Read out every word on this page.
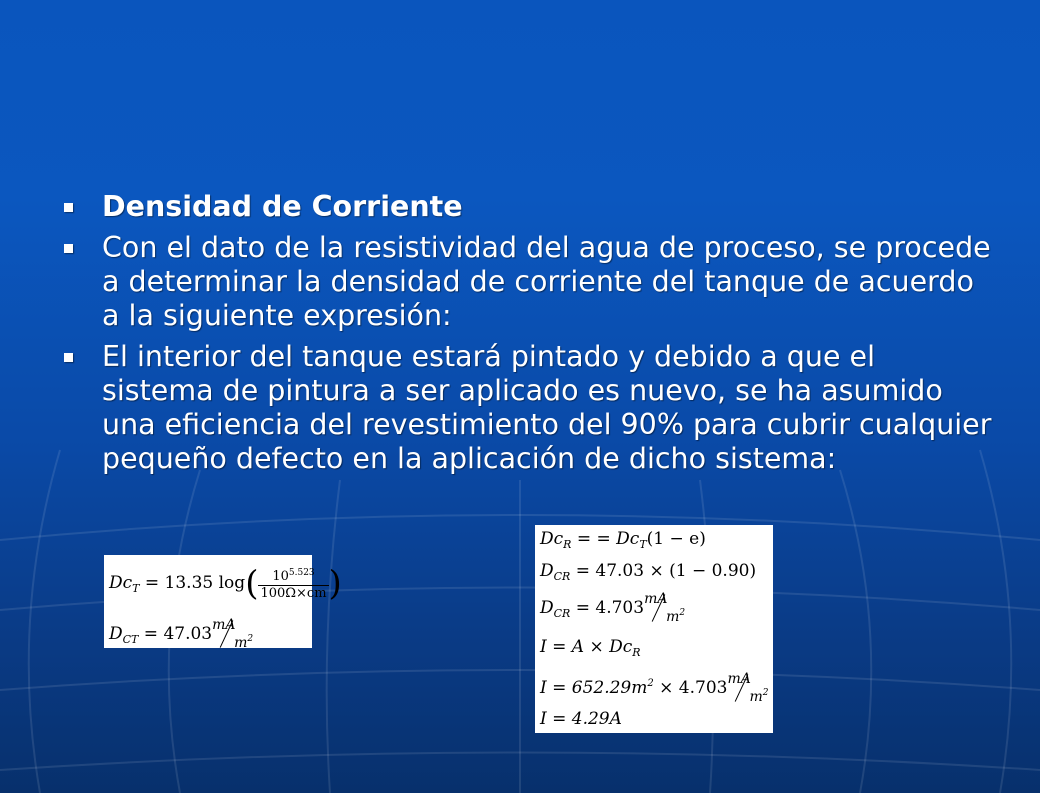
Densidad de Corriente
Con el dato de la resistividad del agua de proceso, se procede a determinar la densidad de corriente del tanque de acuerdo a la siguiente expresión:
El interior del tanque estará pintado y debido a que el sistema de pintura a ser aplicado es nuevo, se ha asumido una eficiencia del revestimiento del 90% para cubrir cualquier pequeño defecto en la aplicación de dicho sistema:
$Dc_T = 13.35$ $\log( \frac{10^{5.523}}{100\Omega\times cm}$ )
$D_{CT} = 47.03$ mA
$m^2$
$Dc_R$ = = $Dc_T(1 - e)$
$D_{CR} = 47.03 \times (1 - 0.90)$
$D_{CR} = 4.703$ mA
$m^2$
$I = A \times Dc_R$
$I = 652.29m^2 \times 4.703$ mA
$m^2$
I = 4.29A
